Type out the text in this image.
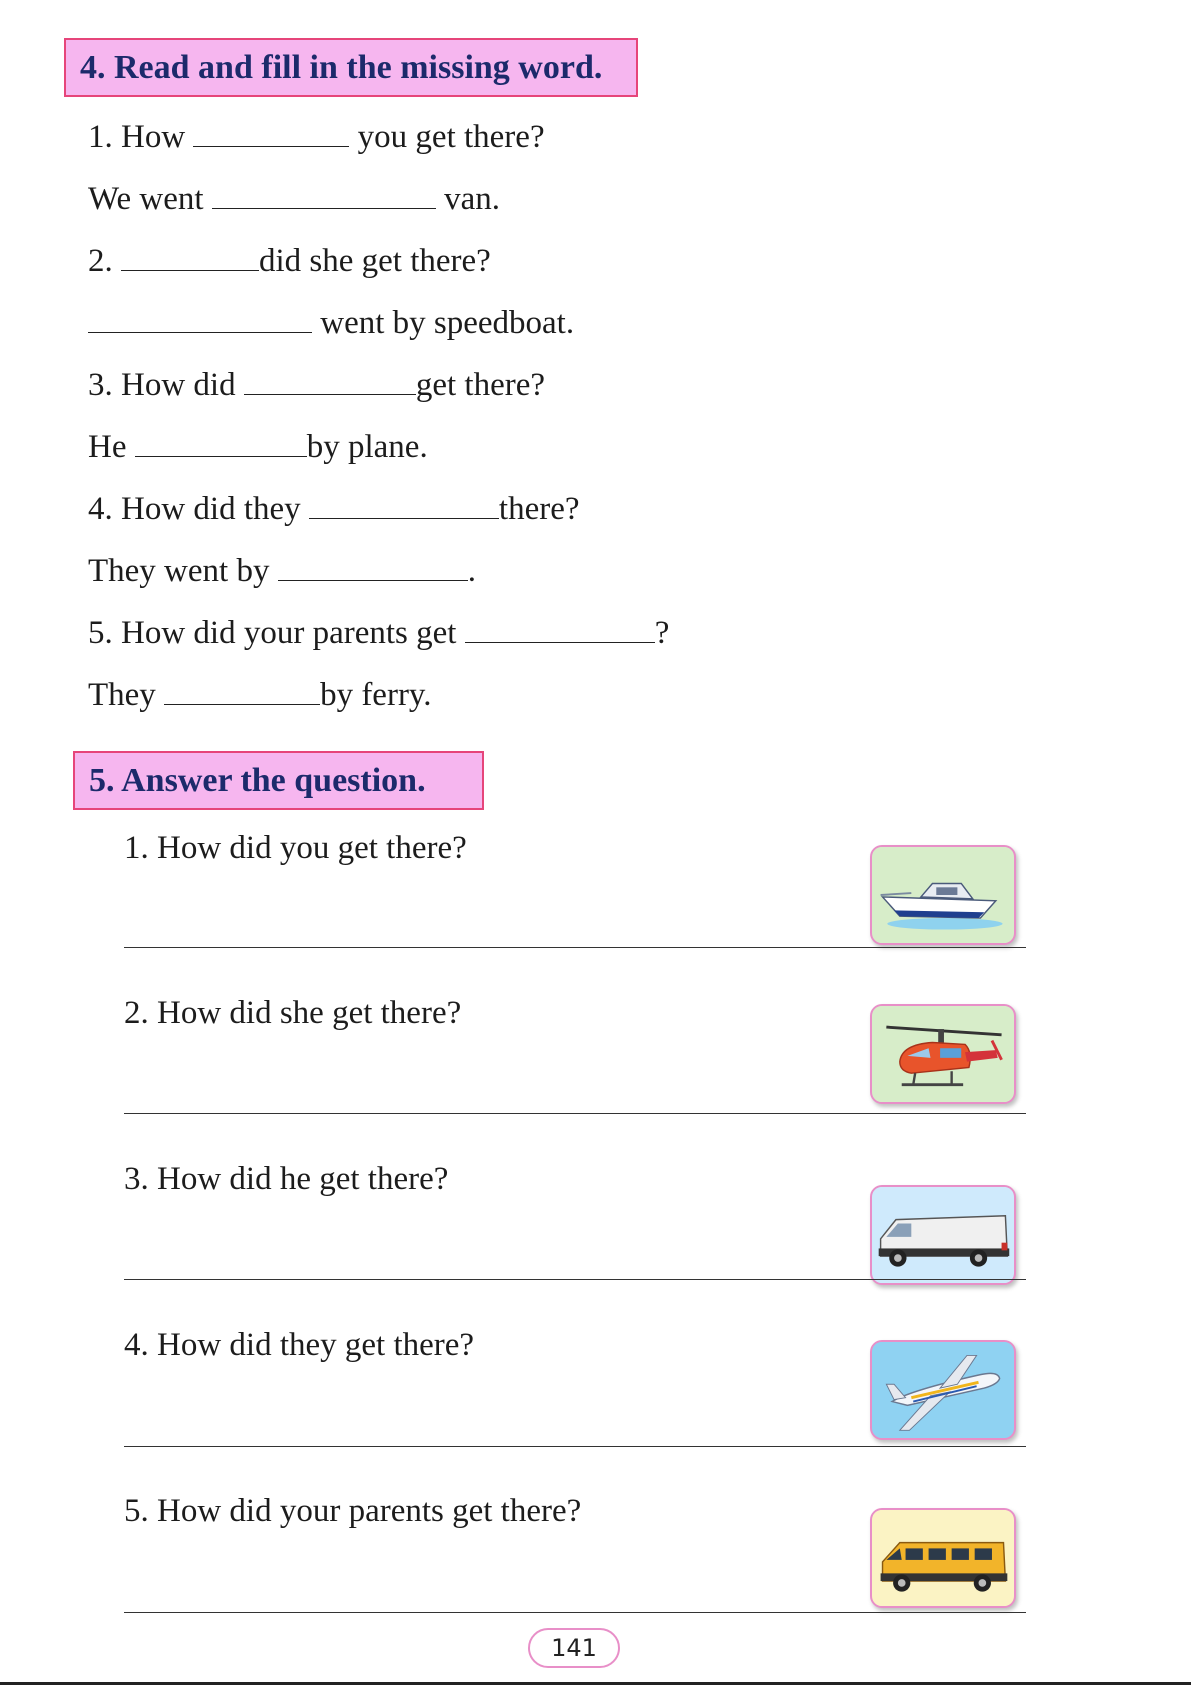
4. Read and fill in the missing word.
1. How	you get there?
We went	van.
2.	did she get there?
went by speedboat.
3. How did	get there?
He	by plane.
4. How did they	there?
They went by	.
5. How did your parents get	?
They	by ferry.
5. Answer the question.
1. How did you get there?
2. How did she get there?
3. How did he get there?
4. How did they get there?
5. How did your parents get there?
141
